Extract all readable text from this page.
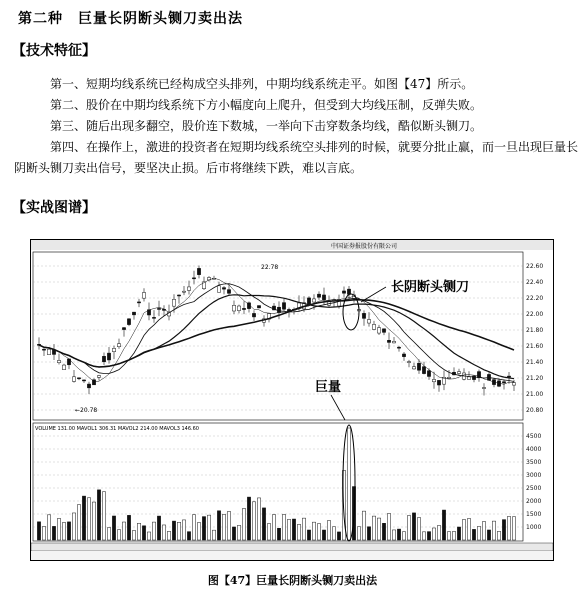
第二种　巨量长阴断头铡刀卖出法
【技术特征】
第一、短期均线系统已经构成空头排列，中期均线系统走平。如图【47】所示。
第二、股价在中期均线系统下方小幅度向上爬升，但受到大均线压制，反弹失败。
第三、随后出现多翻空，股价连下数城，一举向下击穿数条均线，酷似断头铡刀。
第四、在操作上，激进的投资者在短期均线系统空头排列的时候，就要分批止赢，而一旦出现巨量长阴断头铡刀卖出信号，要坚决止损。后市将继续下跌，难以言底。
【实战图谱】
中国证券报股份有限公司
22.78
←20.78
22.60
22.40
22.20
22.00
21.80
21.60
21.40
21.20
21.00
20.80
长阴断头铡刀
VOLUME 131.00 MAVOL1 306.31 MAVOL2 214.00 MAVOL3 146.60
4500
4000
3500
3000
2500
2000
1500
1000
巨量
图【47】巨量长阴断头铡刀卖出法
